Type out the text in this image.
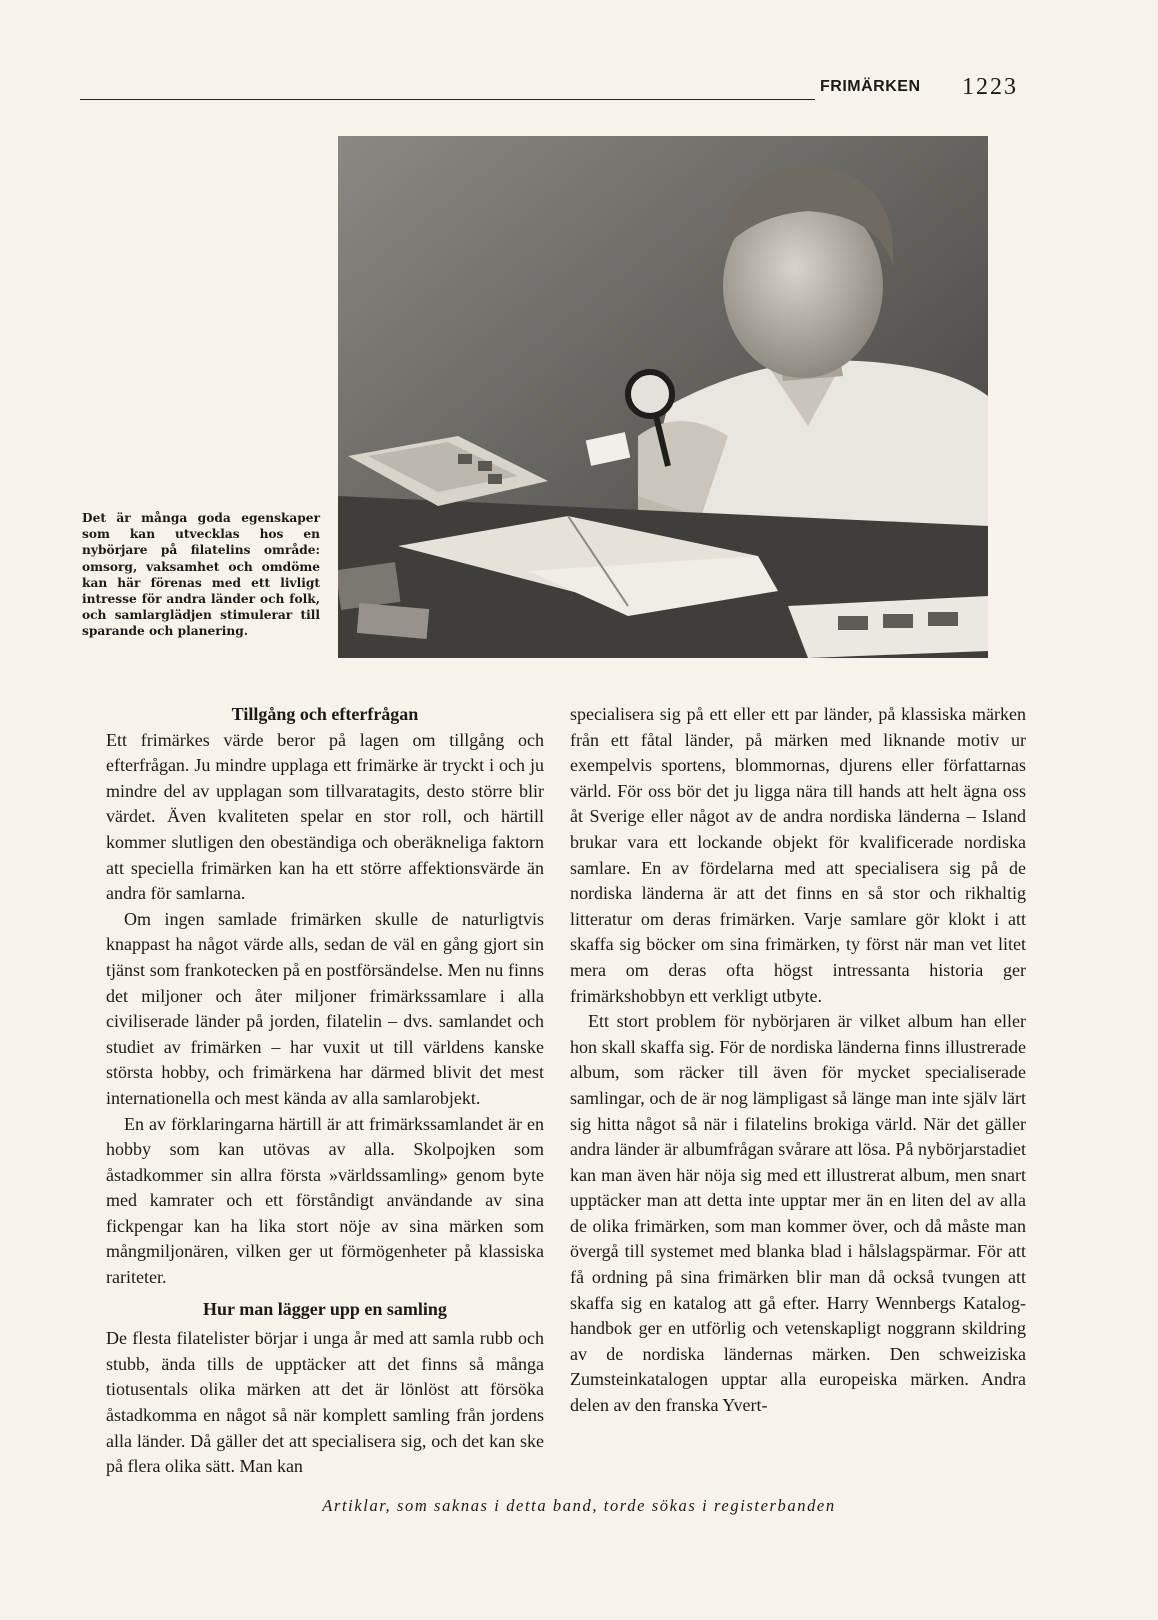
FRIMÄRKEN 1223
Det är många goda egenskaper som kan utvecklas hos en nybörjare på filatelins område: omsorg, vaksamhet och omdöme kan här förenas med ett livligt intresse för andra länder och folk, och samlarglädjen stimulerar till sparande och planering.
Tillgång och efterfrågan

Ett frimärkes värde beror på lagen om tillgång och efterfrågan. Ju mindre upplaga ett frimärke är tryckt i och ju mindre del av upplagan som tillvaratagits, desto större blir värdet. Även kvaliteten spelar en stor roll, och härtill kommer slutligen den obeständiga och oberäkneliga faktorn att speciella frimärken kan ha ett större affektionsvärde än andra för samlarna.

Om ingen samlade frimärken skulle de naturligtvis knappast ha något värde alls, sedan de väl en gång gjort sin tjänst som frankotecken på en postförsändelse. Men nu finns det miljoner och åter miljoner frimärkssamlare i alla civiliserade länder på jorden, filatelin – dvs. samlandet och studiet av frimärken – har vuxit ut till världens kanske största hobby, och frimärkena har därmed blivit det mest internationella och mest kända av alla samlarobjekt.

En av förklaringarna härtill är att frimärkssamlandet är en hobby som kan utövas av alla. Skolpojken som åstadkommer sin allra första »världssamling» genom byte med kamrater och ett förståndigt användande av sina fickpengar kan ha lika stort nöje av sina märken som mångmiljonären, vilken ger ut förmögenheter på klassiska rariteter.

Hur man lägger upp en samling

De flesta filatelister börjar i unga år med att samla rubb och stubb, ända tills de upptäcker att det finns så många tiotusentals olika märken att det är lönlöst att försöka åstadkomma en något så när komplett samling från jordens alla länder. Då gäller det att specialisera sig, och det kan ske på flera olika sätt. Man kan

specialisera sig på ett eller ett par länder, på klassiska märken från ett fåtal länder, på märken med liknande motiv ur exempelvis sportens, blommornas, djurens eller författarnas värld. För oss bör det ju ligga nära till hands att helt ägna oss åt Sverige eller något av de andra nordiska länderna – Island brukar vara ett lockande objekt för kvalificerade nordiska samlare. En av fördelarna med att specialisera sig på de nordiska länderna är att det finns en så stor och rikhaltig litteratur om deras frimärken. Varje samlare gör klokt i att skaffa sig böcker om sina frimärken, ty först när man vet litet mera om deras ofta högst intressanta historia ger frimärkshobbyn ett verkligt utbyte.

Ett stort problem för nybörjaren är vilket album han eller hon skall skaffa sig. För de nordiska länderna finns illustrerade album, som räcker till även för mycket specialiserade samlingar, och de är nog lämpligast så länge man inte själv lärt sig hitta något så när i filatelins brokiga värld. När det gäller andra länder är albumfrågan svårare att lösa. På nybörjarstadiet kan man även här nöja sig med ett illustrerat album, men snart upptäcker man att detta inte upptar mer än en liten del av alla de olika frimärken, som man kommer över, och då måste man övergå till systemet med blanka blad i hålslagspärmar. För att få ordning på sina frimärken blir man då också tvungen att skaffa sig en katalog att gå efter. Harry Wennbergs Katalog-handbok ger en utförlig och vetenskapligt noggrann skildring av de nordiska ländernas märken. Den schweiziska Zumsteinkatalogen upptar alla europeiska märken. Andra delen av den franska Yvert-

Artiklar, som saknas i detta band, torde sökas i registerbanden
